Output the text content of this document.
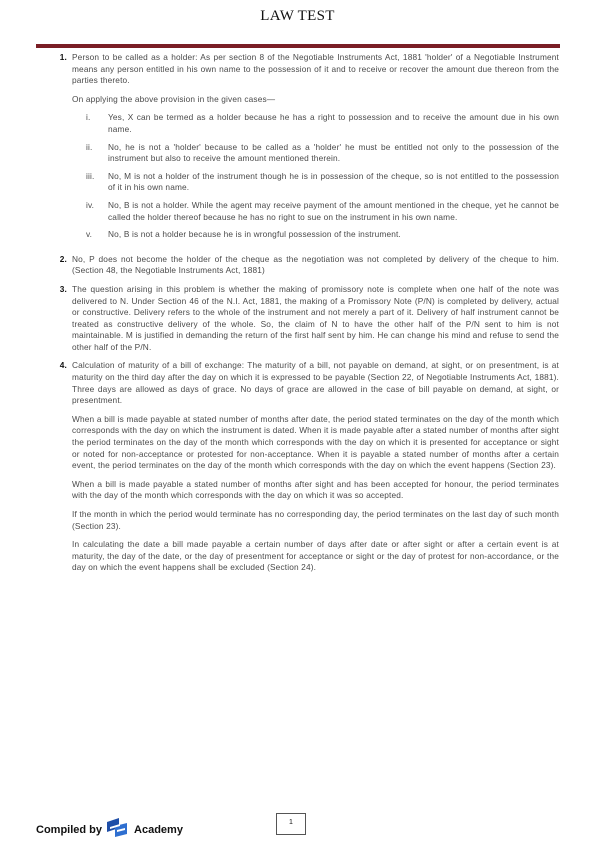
LAW TEST
1. Person to be called as a holder: As per section 8 of the Negotiable Instruments Act, 1881 'holder' of a Negotiable Instrument means any person entitled in his own name to the possession of it and to receive or recover the amount due thereon from the parties thereto.

On applying the above provision in the given cases—

i.	Yes, X can be termed as a holder because he has a right to possession and to receive the amount due in his own name.
ii.	No, he is not a 'holder' because to be called as a 'holder' he must be entitled not only to the possession of the instrument but also to receive the amount mentioned therein.
iii.	No, M is not a holder of the instrument though he is in possession of the cheque, so is not entitled to the possession of it in his own name.
iv.	No, B is not a holder. While the agent may receive payment of the amount mentioned in the cheque, yet he cannot be called the holder thereof because he has no right to sue on the instrument in his own name.
v.	No, B is not a holder because he is in wrongful possession of the instrument.
2. No, P does not become the holder of the cheque as the negotiation was not completed by delivery of the cheque to him. (Section 48, the Negotiable Instruments Act, 1881)

3. The question arising in this problem is whether the making of promissory note is complete when one half of the note was delivered to N. Under Section 46 of the N.I. Act, 1881, the making of a Promissory Note (P/N) is completed by delivery, actual or constructive. Delivery refers to the whole of the instrument and not merely a part of it. Delivery of half instrument cannot be treated as constructive delivery of the whole. So, the claim of N to have the other half of the P/N sent to him is not maintainable. M is justified in demanding the return of the first half sent by him. He can change his mind and refuse to send the other half of the P/N.

4. Calculation of maturity of a bill of exchange: The maturity of a bill, not payable on demand, at sight, or on presentment, is at maturity on the third day after the day on which it is expressed to be payable (Section 22, of Negotiable Instruments Act, 1881). Three days are allowed as days of grace. No days of grace are allowed in the case of bill payable on demand, at sight, or presentment.

When a bill is made payable at stated number of months after date, the period stated terminates on the day of the month which corresponds with the day on which the instrument is dated. When it is made payable after a stated number of months after sight the period terminates on the day of the month which corresponds with the day on which it is presented for acceptance or sight or noted for non-acceptance or protested for non-acceptance. When it is payable a stated number of months after a certain event, the period terminates on the day of the month which corresponds with the day on which the event happens (Section 23).

When a bill is made payable a stated number of months after sight and has been accepted for honour, the period terminates with the day of the month which corresponds with the day on which it was so accepted.

If the month in which the period would terminate has no corresponding day, the period terminates on the last day of such month (Section 23).

In calculating the date a bill made payable a certain number of days after date or after sight or after a certain event is at maturity, the day of the date, or the day of presentment for acceptance or sight or the day of protest for non-accordance, or the day on which the event happens shall be excluded (Section 24).

Compiled by	Academy
1
